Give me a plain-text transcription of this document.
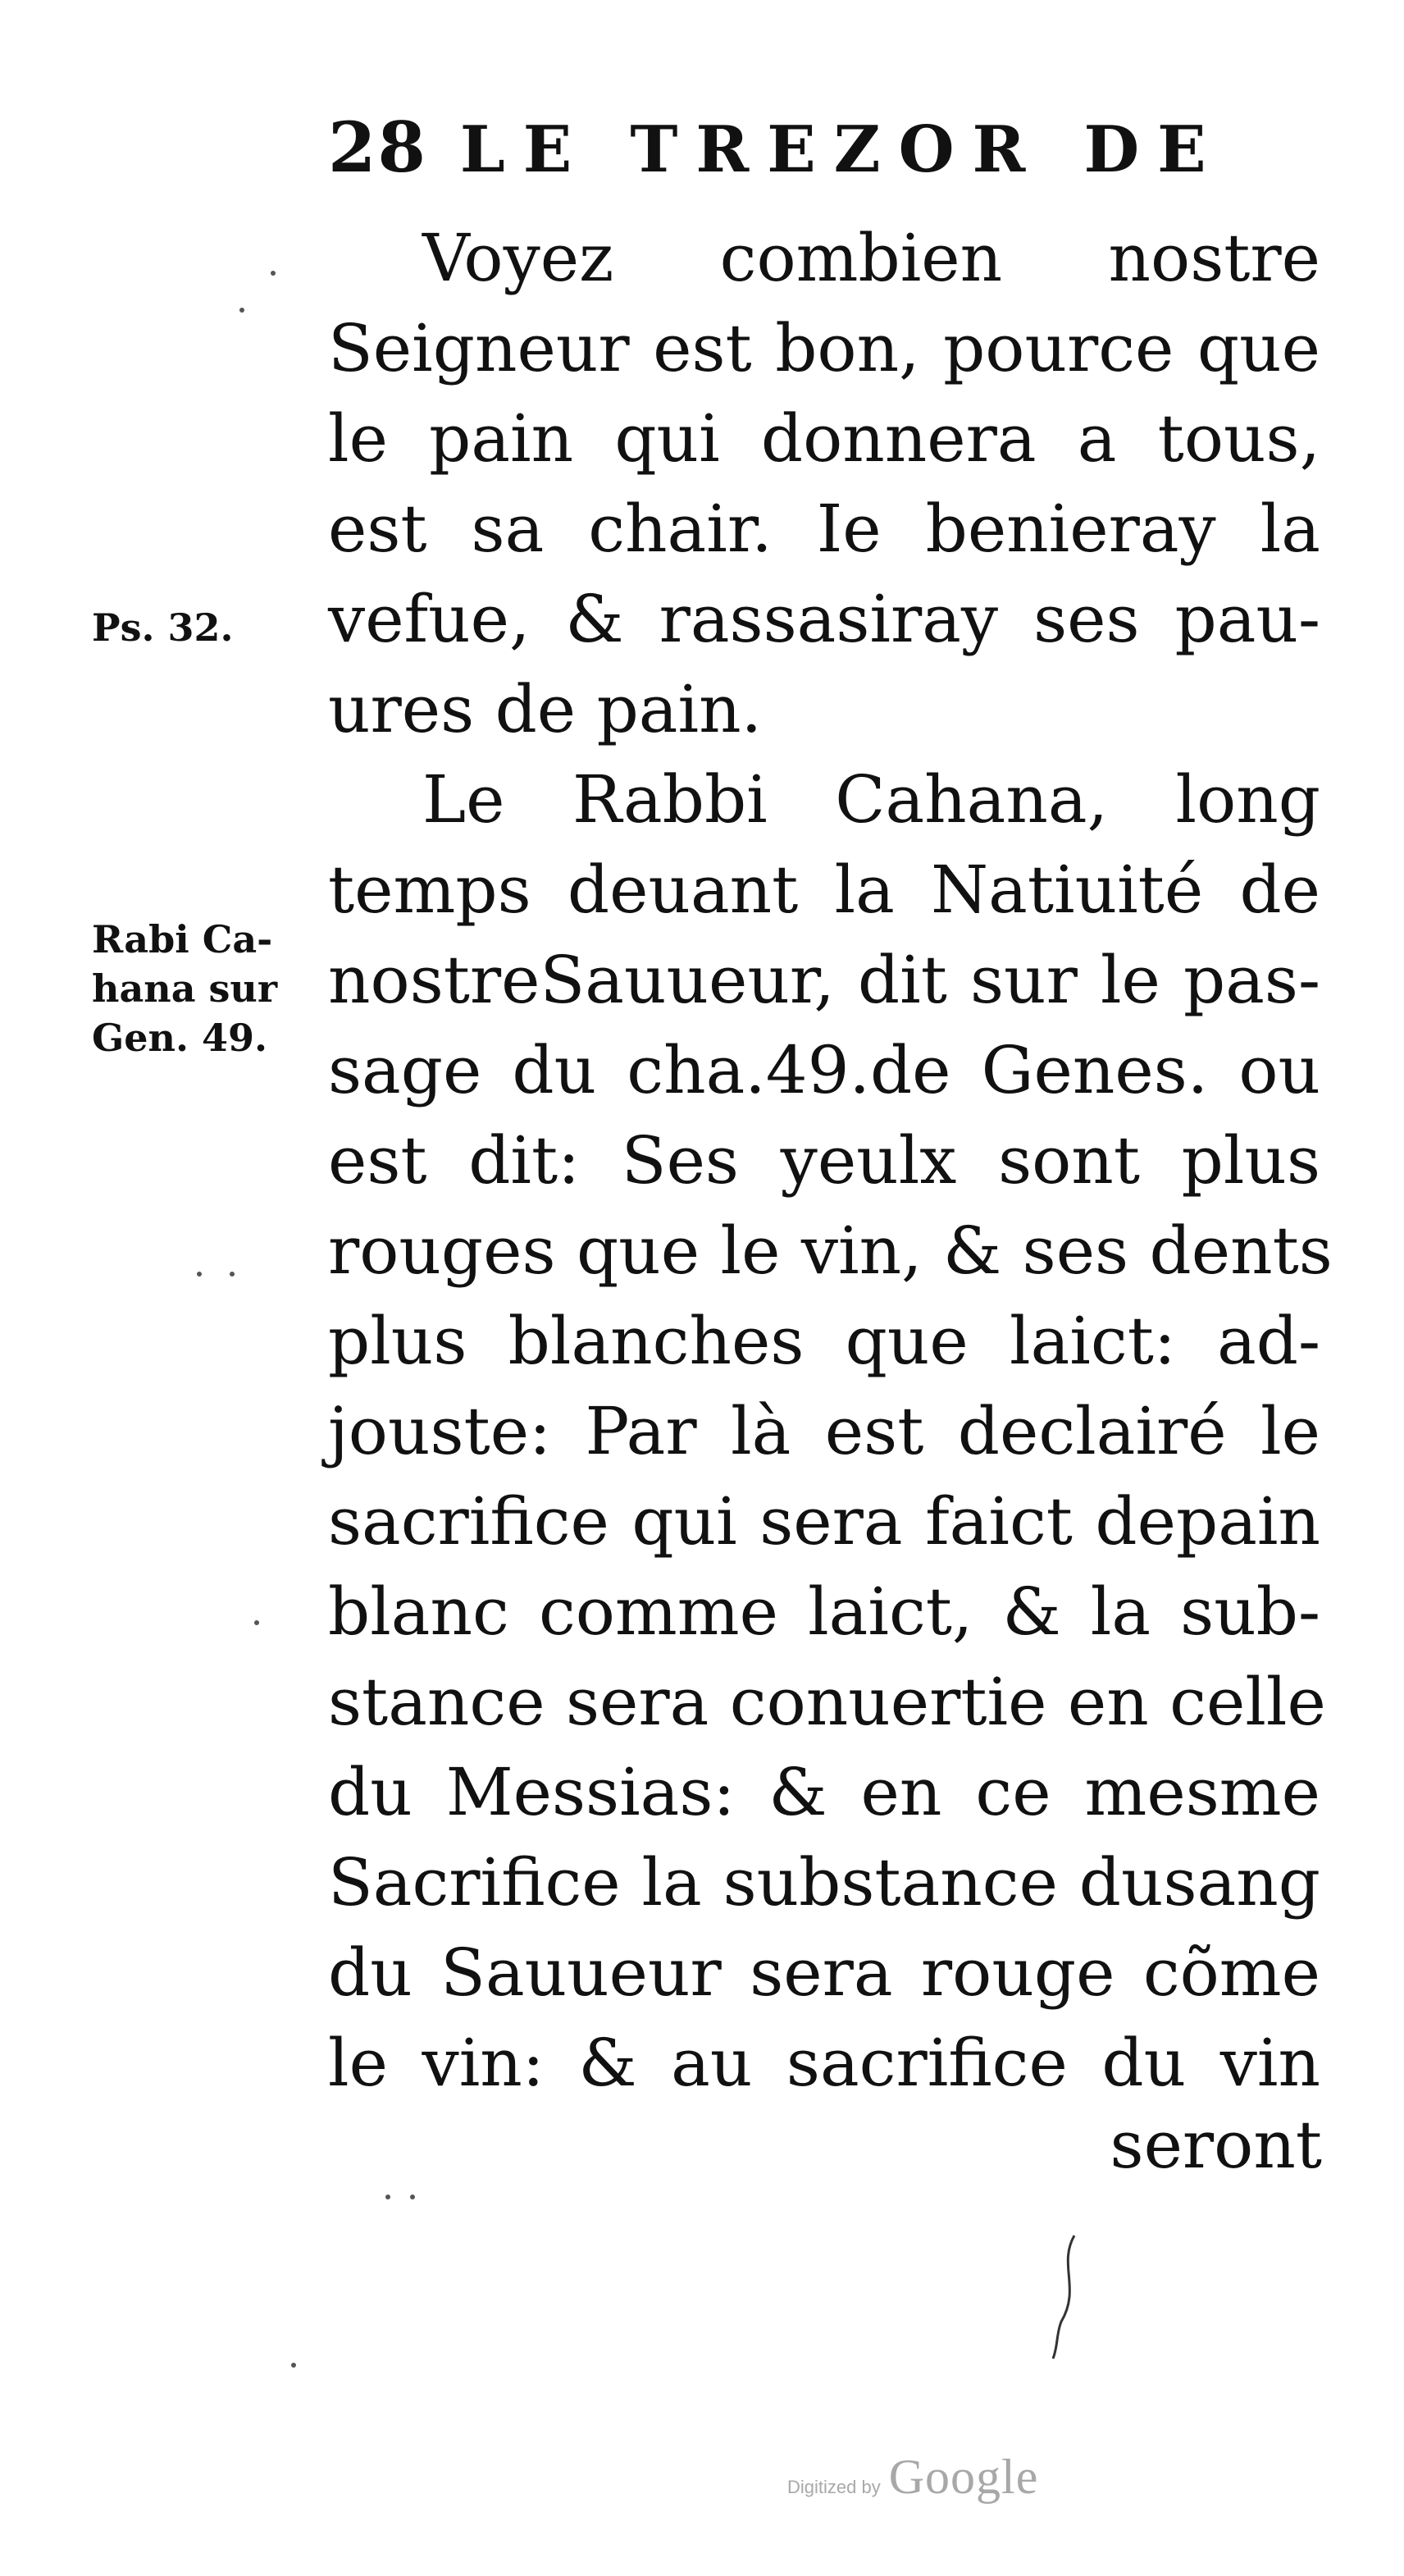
28 LE TREZOR DE
Voyez combien nostre
Seigneur est bon, pource que
le pain qui donnera a tous,
est sa chair. Ie benieray la
vefue, & rassasiray ses pau-
ures de pain.
Le Rabbi Cahana, long
temps deuant la Natiuité de
nostreSauueur, dit sur le pas-
sage du cha.49.de Genes. ou
est dit: Ses yeulx sont plus
rouges que le vin, & ses dents
plus blanches que laict: ad-
jouste: Par là est declairé le
sacrifice qui sera faict depain
blanc comme laict, & la sub-
stance sera conuertie en celle
du Messias: & en ce mesme
Sacrifice la substance dusang
du Sauueur sera rouge cõme
le vin: & au sacrifice du vin
seront
Ps. 32.
Rabi Ca-
hana sur
Gen. 49.
Digitized by Google
